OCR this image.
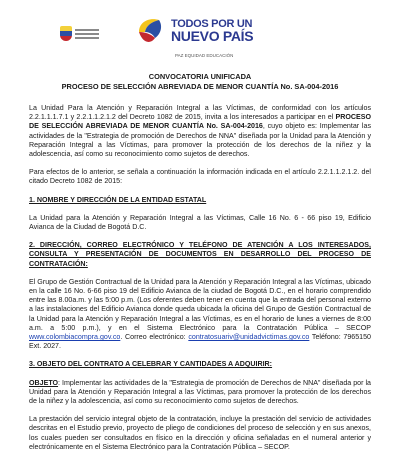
TODOS POR UN
NUEVO PAÍS
PAZ EQUIDAD EDUCACIÓN

CONVOCATORIA UNIFICADA

PROCESO DE SELECCIÓN ABREVIADA DE MENOR CUANTÍA No. SA-004-2016

La Unidad Para la Atención y Reparación Integral a las Víctimas, de conformidad con los artículos 2.2.1.1.1.7.1 y 2.2.1.1.2.1.2 del Decreto 1082 de 2015, invita a los interesados a participar en el PROCESO DE SELECCIÓN ABREVIADA DE MENOR CUANTÍA No. SA-004-2016, cuyo objeto es: Implementar las actividades de la "Estrategia de promoción de Derechos de NNA" diseñada por la Unidad para la Atención y Reparación Integral a las Víctimas, para promover la protección de los derechos de la niñez y la adolescencia, así como su reconocimiento como sujetos de derechos.

Para efectos de lo anterior, se señala a continuación la información indicada en el artículo 2.2.1.1.2.1.2. del citado Decreto 1082 de 2015:

1. NOMBRE Y DIRECCIÓN DE LA ENTIDAD ESTATAL

La Unidad para la Atención y Reparación Integral a las Víctimas, Calle 16 No. 6 - 66 piso 19, Edificio Avianca de la Ciudad de Bogotá D.C.

2. DIRECCIÓN, CORREO ELECTRÓNICO Y TELÉFONO DE ATENCIÓN A LOS INTERESADOS, CONSULTA Y PRESENTACIÓN DE DOCUMENTOS EN DESARROLLO DEL PROCESO DE CONTRATACIÓN:

El Grupo de Gestión Contractual de la Unidad para la Atención y Reparación Integral a las Víctimas, ubicado en la calle 16 No. 6-66 piso 19 del Edificio Avianca de la ciudad de Bogotá D.C., en el horario comprendido entre las 8.00a.m. y las 5:00 p.m. (Los oferentes deben tener en cuenta que la entrada del personal externo a las instalaciones del Edificio Avianca donde queda ubicada la oficina del Grupo de Gestión Contractual de la Unidad para la Atención y Reparación Integral a las Víctimas, es en el horario de lunes a viernes de 8:00 a.m. a 5:00 p.m.), y en el Sistema Electrónico para la Contratación Pública – SECOP www.colombiacompra.gov.co. Correo electrónico: contratosuariv@unidadvictimas.gov.co Teléfono: 7965150 Ext. 2027.

3. OBJETO DEL CONTRATO A CELEBRAR Y CANTIDADES A ADQUIRIR:

OBJETO: Implementar las actividades de la "Estrategia de promoción de Derechos de NNA" diseñada por la Unidad para la Atención y Reparación Integral a las Víctimas, para promover la protección de los derechos de la niñez y la adolescencia, así como su reconocimiento como sujetos de derechos.

La prestación del servicio integral objeto de la contratación, incluye la prestación del servicio de actividades descritas en el Estudio previo, proyecto de pliego de condiciones del proceso de selección y en sus anexos, los cuales pueden ser consultados en físico en la dirección y oficina señaladas en el numeral anterior y electrónicamente en el Sistema Electrónico para la Contratación Pública – SECOP.
